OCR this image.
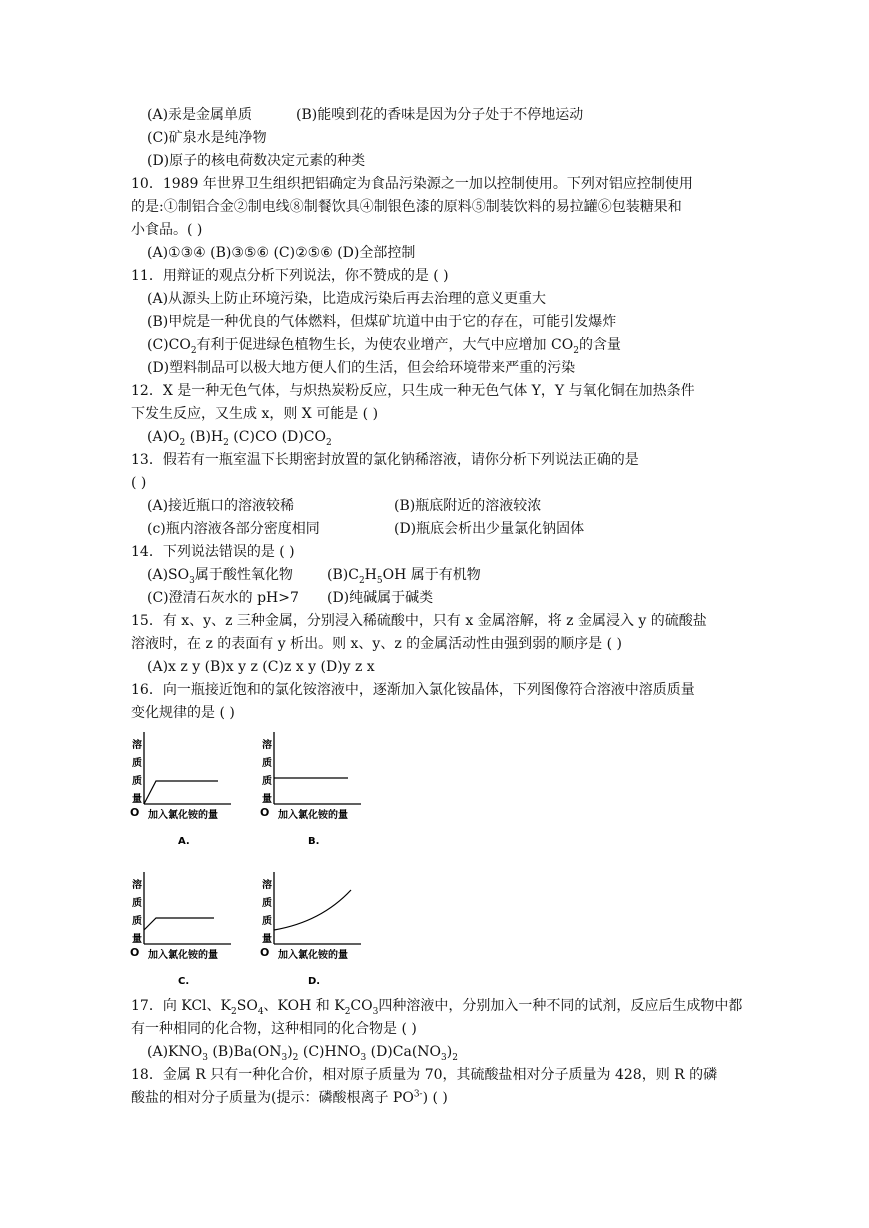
(A)汞是金属单质	(B)能嗅到花的香味是因为分子处于不停地运动
(C)矿泉水是纯净物
(D)原子的核电荷数决定元素的种类
10．1989 年世界卫生组织把铝确定为食品污染源之一加以控制使用。下列对铝应控制使用
的是:①制铝合金②制电线⑧制餐饮具④制银色漆的原料⑤制装饮料的易拉罐⑥包装糖果和
小食品。( )
(A)①③④ (B)③⑤⑥ (C)②⑤⑥ (D)全部控制
11．用辩证的观点分析下列说法，你不赞成的是 ( )
(A)从源头上防止环境污染，比造成污染后再去治理的意义更重大
(B)甲烷是一种优良的气体燃料，但煤矿坑道中由于它的存在，可能引发爆炸
$(C)CO_2$有利于促进绿色植物生长，为使农业增产，大气中应增加 $CO_2$的含量
(D)塑料制品可以极大地方便人们的生活，但会给环境带来严重的污染
12．X 是一种无色气体，与炽热炭粉反应，只生成一种无色气体 Y，Y 与氧化铜在加热条件
下发生反应，又生成 x，则 X 可能是 ( )
$(A)O_2$ $(B)H_2$ (C)CO $(D)CO_2$
13．假若有一瓶室温下长期密封放置的氯化钠稀溶液，请你分析下列说法正确的是
( )
(A)接近瓶口的溶液较稀	(B)瓶底附近的溶液较浓
(c)瓶内溶液各部分密度相同	(D)瓶底会析出少量氯化钠固体
14．下列说法错误的是 ( )
$(A)SO_3$属于酸性氧化物 $(B)C_2H_5OH$ 属于有机物
(C)澄清石灰水的 pH>7 (D)纯碱属于碱类
15．有 x、y、z 三种金属，分别浸入稀硫酸中，只有 x 金属溶解，将 z 金属浸入 y 的硫酸盐
溶液时，在 z 的表面有 y 析出。则 x、y、z 的金属活动性由强到弱的顺序是 ( )
(A)x z y (B)x y z (C)z x y (D)y z x
16．向一瓶接近饱和的氯化铵溶液中，逐渐加入氯化铵晶体，下列图像符合溶液中溶质质量
变化规律的是 ( )
溶
质
质
量
O 加入氯化铵的量
A.
溶
质
质
量
O 加入氯化铵的量
B.
溶
质
质
量
O 加入氯化铵的量
C.
溶
质
质
量
O 加入氯化铵的量
D.
17．向 KCl、$K_2SO_4$、KOH 和 $K_2CO_3$四种溶液中，分别加入一种不同的试剂，反应后生成物中都
有一种相同的化合物，这种相同的化合物是 ( )
$(A)KNO_3$ $(B)Ba(ON_3)_2$ $(C)HNO_3$ $(D)Ca(NO_3)_2$
18．金属 R 只有一种化合价，相对原子质量为 70，其硫酸盐相对分子质量为 428，则 R 的磷
酸盐的相对分子质量为(提示：磷酸根离子 $PO^{3-}$) ( )
